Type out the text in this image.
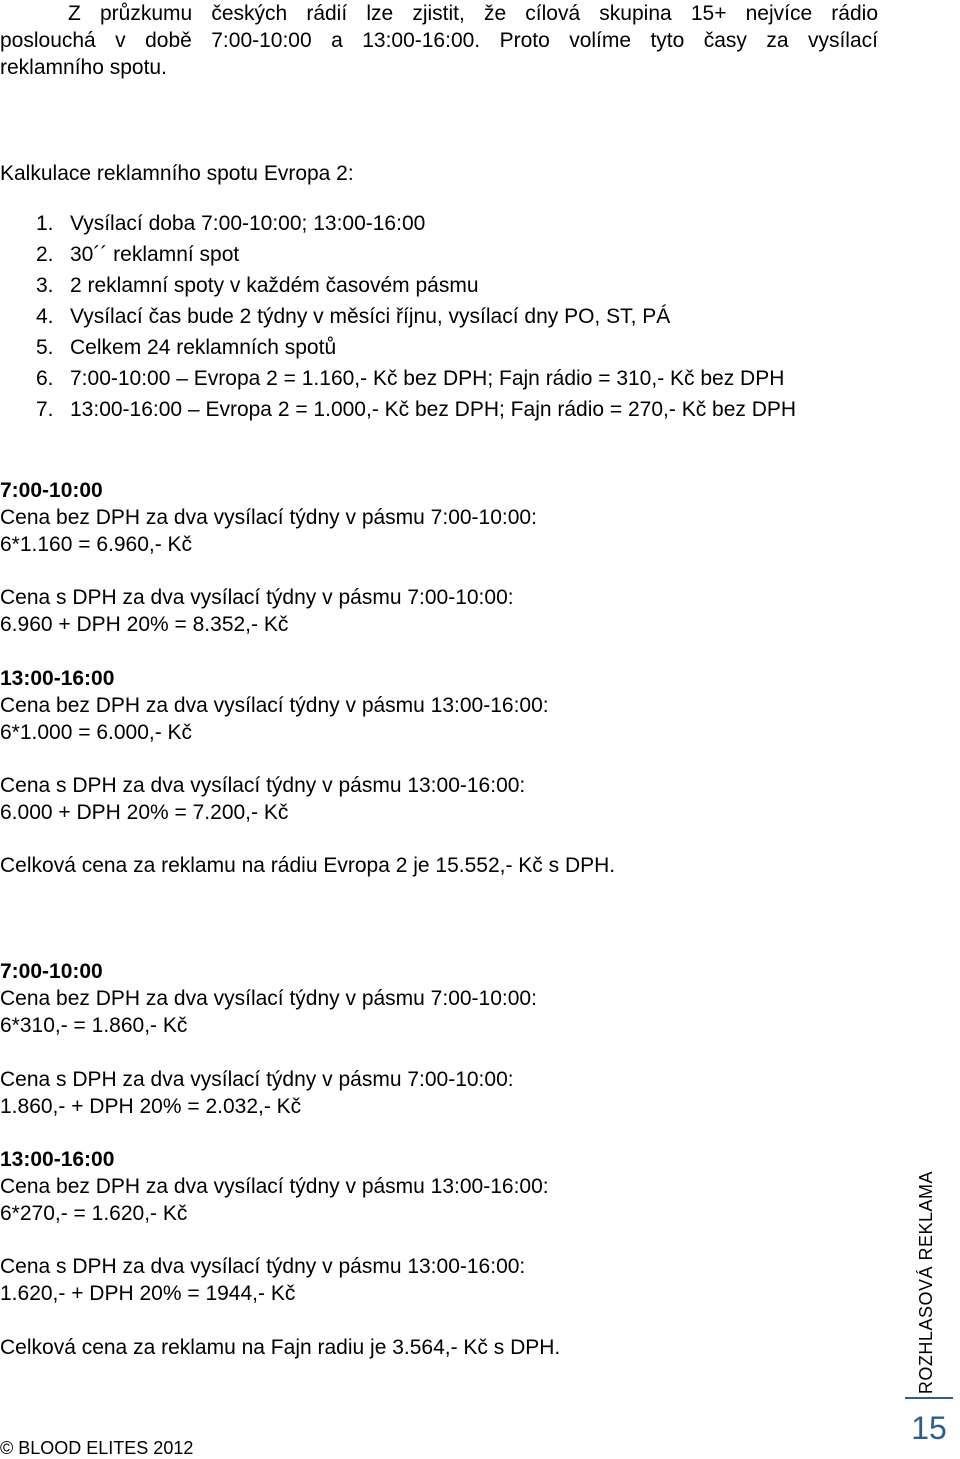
Z průzkumu českých rádií lze zjistit, že cílová skupina 15+ nejvíce rádio

poslouchá v době 7:00-10:00 a 13:00-16:00. Proto volíme tyto časy za vysílací

reklamního spotu.

Kalkulace reklamního spotu Evropa 2:
1. Vysílací doba 7:00-10:00; 13:00-16:00
2. 30´´ reklamní spot
3. 2 reklamní spoty v každém časovém pásmu
4. Vysílací čas bude 2 týdny v měsíci říjnu, vysílací dny PO, ST, PÁ
5. Celkem 24 reklamních spotů
6. 7:00-10:00 – Evropa 2 = 1.160,- Kč bez DPH; Fajn rádio = 310,- Kč bez DPH
7. 13:00-16:00 – Evropa 2 = 1.000,- Kč bez DPH; Fajn rádio = 270,- Kč bez DPH
7:00-10:00
Cena bez DPH za dva vysílací týdny v pásmu 7:00-10:00:
6*1.160 = 6.960,- Kč
Cena s DPH za dva vysílací týdny v pásmu 7:00-10:00:
6.960 + DPH 20% = 8.352,- Kč
13:00-16:00
Cena bez DPH za dva vysílací týdny v pásmu 13:00-16:00:
6*1.000 = 6.000,- Kč
Cena s DPH za dva vysílací týdny v pásmu 13:00-16:00:
6.000 + DPH 20% = 7.200,- Kč
Celková cena za reklamu na rádiu Evropa 2 je 15.552,- Kč s DPH.
7:00-10:00
Cena bez DPH za dva vysílací týdny v pásmu 7:00-10:00:
6*310,- = 1.860,- Kč
Cena s DPH za dva vysílací týdny v pásmu 7:00-10:00:
1.860,- + DPH 20% = 2.032,- Kč
13:00-16:00
Cena bez DPH za dva vysílací týdny v pásmu 13:00-16:00:
6*270,- = 1.620,- Kč
Cena s DPH za dva vysílací týdny v pásmu 13:00-16:00:
1.620,- + DPH 20% = 1944,- Kč
Celková cena za reklamu na Fajn radiu je 3.564,- Kč s DPH.
© BLOOD ELITES 2012
ROZHLASOVÁ REKLAMA
15
